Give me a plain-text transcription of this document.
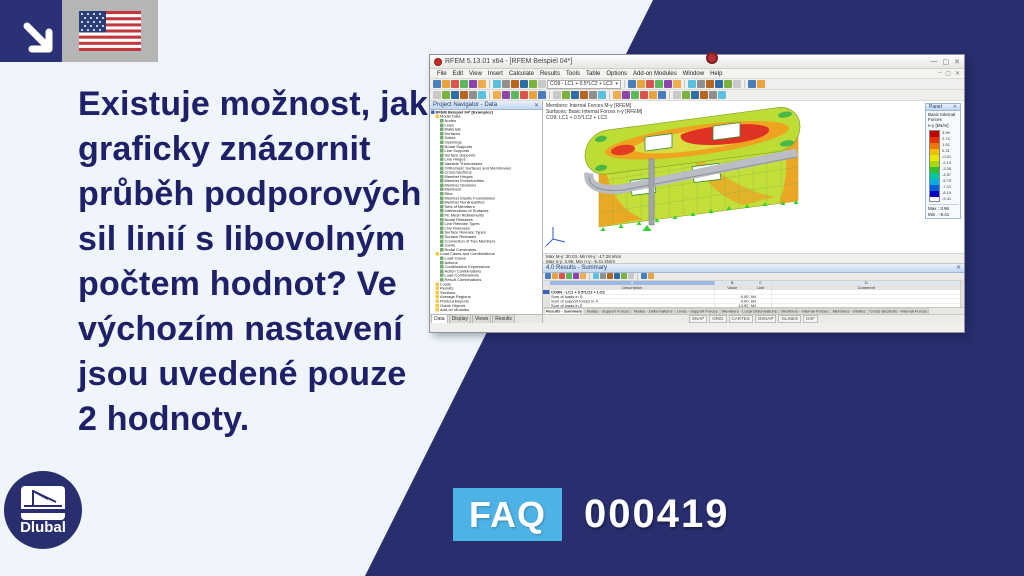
Existuje možnost, jak
graficky znázornit
průběh podporových
sil linií s libovolným
počtem hodnot? Ve
výchozím nastavení
jsou uvedené pouze
2 hodnoty.
RFEM 5.13.01 x64 - [RFEM Beispiel 04*]	— ▢ ✕
File	Edit	View	Insert	Calculate	Results	Tools	Table	Options	Add-on Modules	Window	Help	– ▢ ✕
CO9 - LC1 + 0.5*LC2 + LC3 ▾
Project Navigator - Data	✕
RFEM Beispiel 04* [Examples]
Model Data
Nodes
Lines
Materials
Surfaces
Solids
Openings
Nodal Supports
Line Supports
Surface Supports
Line Hinges
Variable Thicknesses
Orthotropic Surfaces and Membranes
Cross-Sections
Member Hinges
Member Eccentricities
Member Divisions
Members
Ribs
Member Elastic Foundations
Member Nonlinearities
Sets of Members
Intersections of Surfaces
FE Mesh Refinements
Nodal Releases
Line Release Types
Line Releases
Surface Release Types
Surface Releases
Connection of Two Members
Joints
Nodal Constraints
Load Cases and Combinations
Load Cases
Actions
Combination Expressions
Action Combinations
Load Combinations
Result Combinations
Loads
Results
Sections
Average Regions
Printout Reports
Guide Objects
Add-on Modules
Data	Display	Views	Results
Members: Internal Forces M-y [RFEM]
Surfaces: Basic Internal Forces n-y [RFEM]
CO9: LC1 + 0.5*LC2 + LC3
Panel ✕
Basic Internal Forces
n-y [kN/m]
3.96
2.74
1.52
0.31
-0.91
-2.13
-3.35
-4.57
-5.79
-7.01
-8.19
-9.41
Max : 3.96
Min : -9.41
Max M-y: 20.03, Min M-y: -17.28 kNm
Max n-y: 3.96, Min n-y: -9.41 kN/m
4.0 Results - Summary	✕
A	B	C	D
Description	Value	Unit	Comment
CO9N - LC1 + 0.5*LC2 + LC3
Sum of loads in X	0.00 kN
Sum of support forces in X	0.00 kN
Sum of loads in Z	13.92 kN
Results - Summary Nodes - Support Forces Nodes - Deformations Lines - Support Forces Members - Local Deformations Members - Internal Forces Members - Strains Cross-Sections - Internal Forces
SNAP	GRID	CARTES	OSNAP	GLINES	DXF
Dlubal	FAQ 000419
